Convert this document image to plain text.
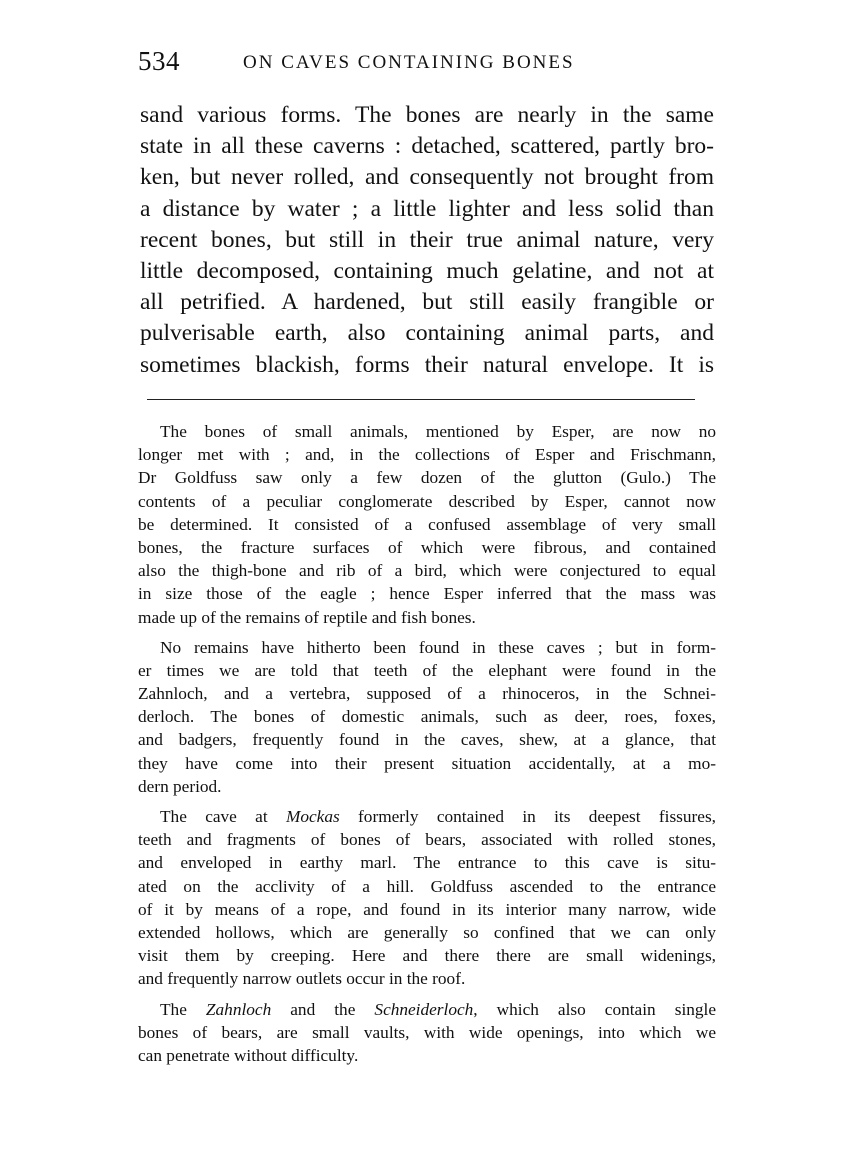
534	ON CAVES CONTAINING BONES
sand various forms. The bones are nearly in the same
state in all these caverns : detached, scattered, partly bro-
ken, but never rolled, and consequently not brought from
a distance by water ; a little lighter and less solid than
recent bones, but still in their true animal nature, very
little decomposed, containing much gelatine, and not at
all petrified. A hardened, but still easily frangible or
pulverisable earth, also containing animal parts, and
sometimes blackish, forms their natural envelope. It is
The bones of small animals, mentioned by Esper, are now no
longer met with ; and, in the collections of Esper and Frischmann,
Dr Goldfuss saw only a few dozen of the glutton (Gulo.) The
contents of a peculiar conglomerate described by Esper, cannot now
be determined. It consisted of a confused assemblage of very small
bones, the fracture surfaces of which were fibrous, and contained
also the thigh-bone and rib of a bird, which were conjectured to equal
in size those of the eagle ; hence Esper inferred that the mass was
made up of the remains of reptile and fish bones.
No remains have hitherto been found in these caves ; but in form-
er times we are told that teeth of the elephant were found in the
Zahnloch, and a vertebra, supposed of a rhinoceros, in the Schnei-
derloch. The bones of domestic animals, such as deer, roes, foxes,
and badgers, frequently found in the caves, shew, at a glance, that
they have come into their present situation accidentally, at a mo-
dern period.
The cave at Mockas formerly contained in its deepest fissures,
teeth and fragments of bones of bears, associated with rolled stones,
and enveloped in earthy marl. The entrance to this cave is situ-
ated on the acclivity of a hill. Goldfuss ascended to the entrance
of it by means of a rope, and found in its interior many narrow, wide
extended hollows, which are generally so confined that we can only
visit them by creeping. Here and there there are small widenings,
and frequently narrow outlets occur in the roof.
The Zahnloch and the Schneiderloch, which also contain single
bones of bears, are small vaults, with wide openings, into which we
can penetrate without difficulty.
